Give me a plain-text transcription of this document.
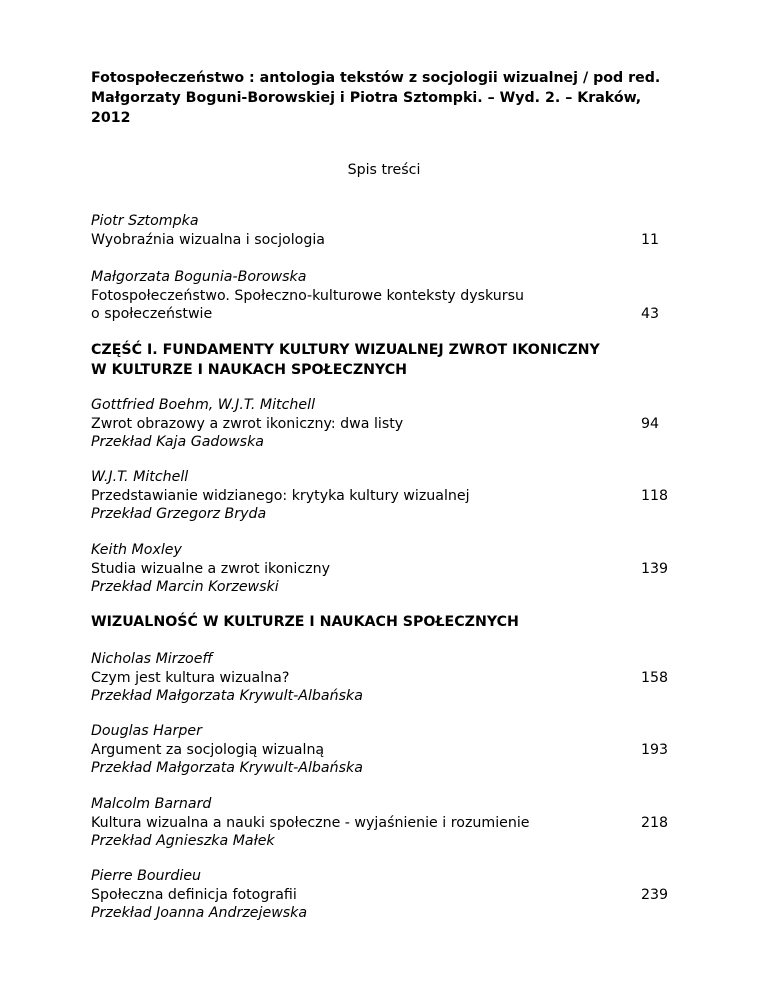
Fotospołeczeństwo : antologia tekstów z socjologii wizualnej / pod red.
Małgorzaty Boguni-Borowskiej i Piotra Sztompki. – Wyd. 2. – Kraków,
2012
Spis treści
Piotr Sztompka
Wyobraźnia wizualna i socjologia	11
Małgorzata Bogunia-Borowska
Fotospołeczeństwo. Społeczno-kulturowe konteksty dyskursu
o społeczeństwie	43
CZĘŚĆ I. FUNDAMENTY KULTURY WIZUALNEJ ZWROT IKONICZNY
W KULTURZE I NAUKACH SPOŁECZNYCH
Gottfried Boehm, W.J.T. Mitchell
Zwrot obrazowy a zwrot ikoniczny: dwa listy
Przekład Kaja Gadowska
94
W.J.T. Mitchell
Przedstawianie widzianego: krytyka kultury wizualnej
Przekład Grzegorz Bryda
118
Keith Moxley
Studia wizualne a zwrot ikoniczny
Przekład Marcin Korzewski
139
WIZUALNOŚĆ W KULTURZE I NAUKACH SPOŁECZNYCH
Nicholas Mirzoeff
Czym jest kultura wizualna?
Przekład Małgorzata Krywult-Albańska
158
Douglas Harper
Argument za socjologią wizualną
Przekład Małgorzata Krywult-Albańska
193
Malcolm Barnard
Kultura wizualna a nauki społeczne - wyjaśnienie i rozumienie
Przekład Agnieszka Małek
218
Pierre Bourdieu
Społeczna definicja fotografii
Przekład Joanna Andrzejewska
239
